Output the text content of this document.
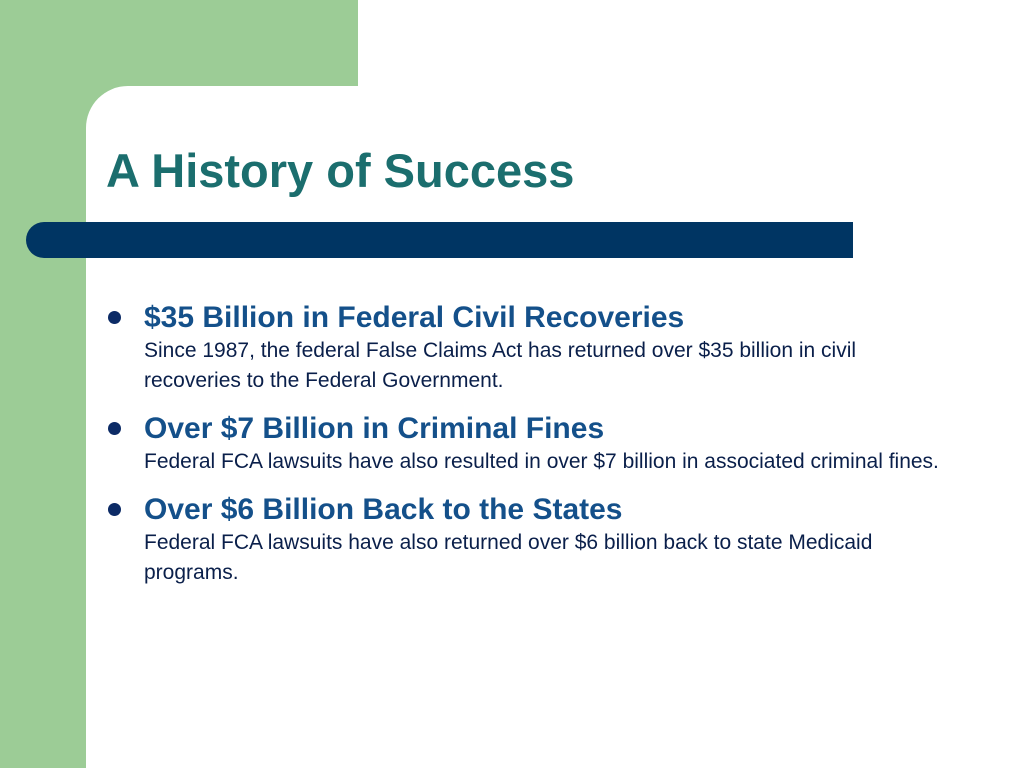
A History of Success
$35 Billion in Federal Civil Recoveries
Since 1987, the federal False Claims Act has returned over $35 billion in civil recoveries to the Federal Government.
Over $7 Billion in Criminal Fines
Federal FCA lawsuits have also resulted in over $7 billion in associated criminal fines.
Over $6 Billion Back to the States
Federal FCA lawsuits have also returned over $6 billion back to state Medicaid programs.
